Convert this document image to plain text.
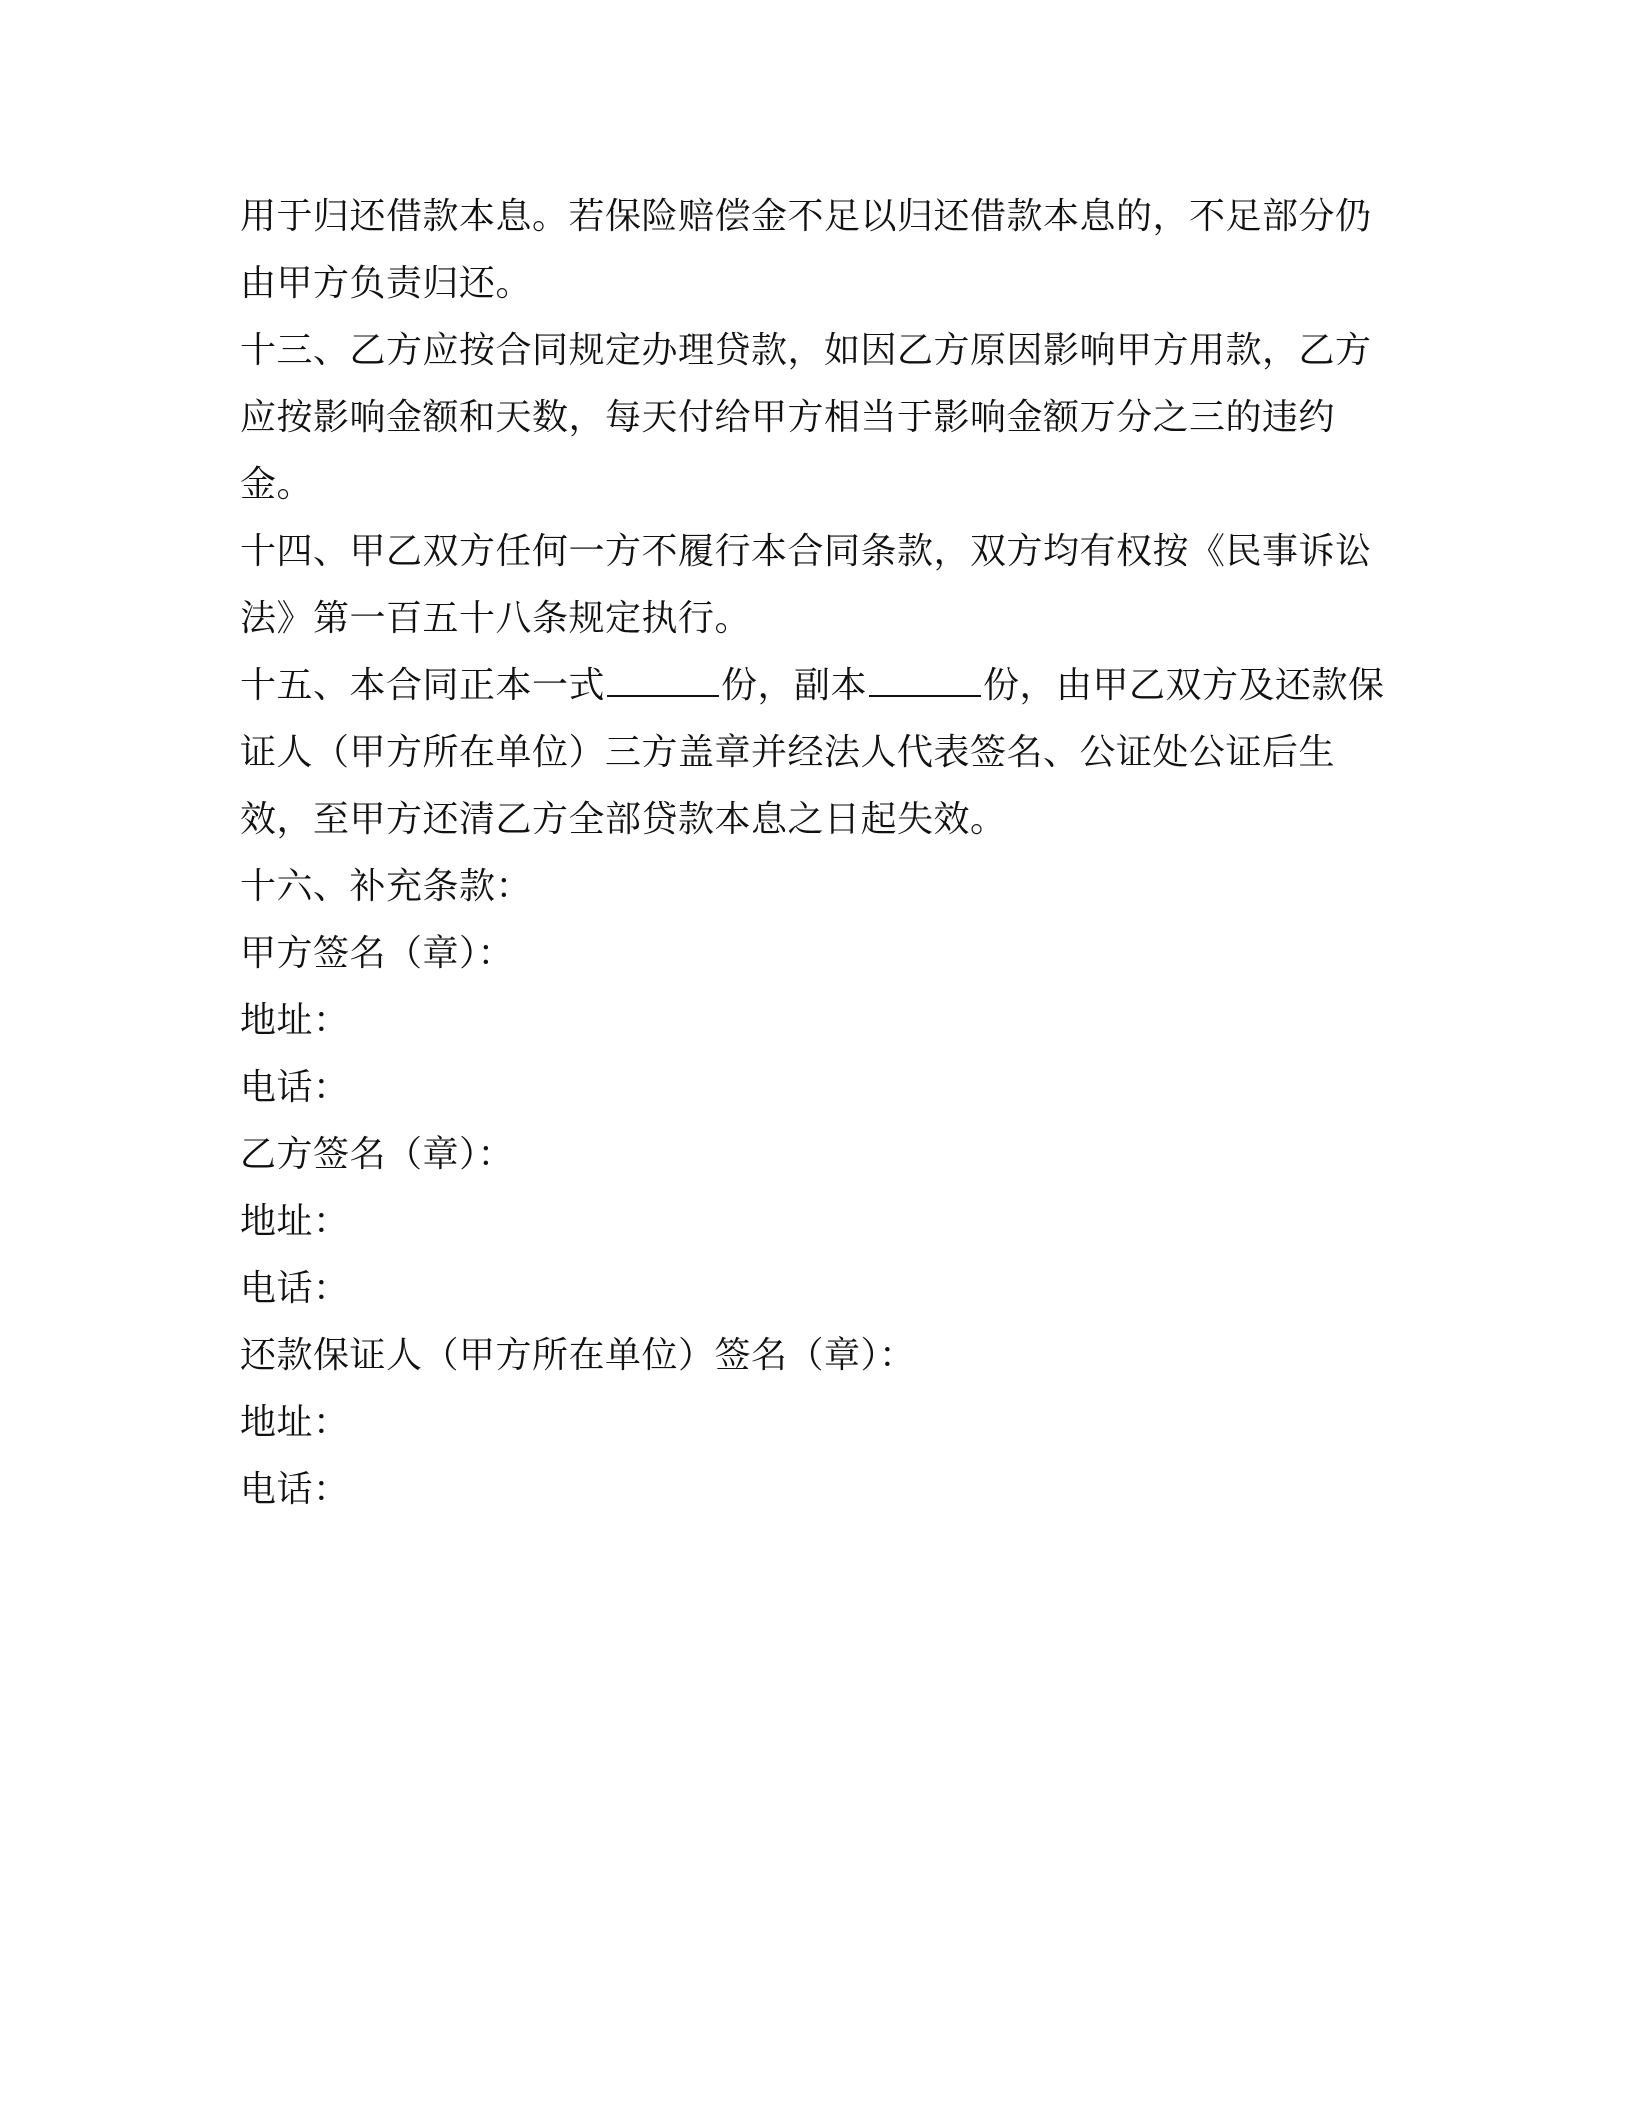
用于归还借款本息。若保险赔偿金不足以归还借款本息的，不足部分仍由甲方负责归还。

十三、乙方应按合同规定办理贷款，如因乙方原因影响甲方用款，乙方应按影响金额和天数，每天付给甲方相当于影响金额万分之三的违约金。

十四、甲乙双方任何一方不履行本合同条款，双方均有权按《民事诉讼法》第一百五十八条规定执行。

十五、本合同正本一式	份，副本	份，由甲乙双方及还款保证人（甲方所在单位）三方盖章并经法人代表签名、公证处公证后生效，至甲方还清乙方全部贷款本息之日起失效。

十六、补充条款：

甲方签名（章）：

地址：

电话：

乙方签名（章）：

地址：

电话：

还款保证人（甲方所在单位）签名（章）：

地址：

电话：
